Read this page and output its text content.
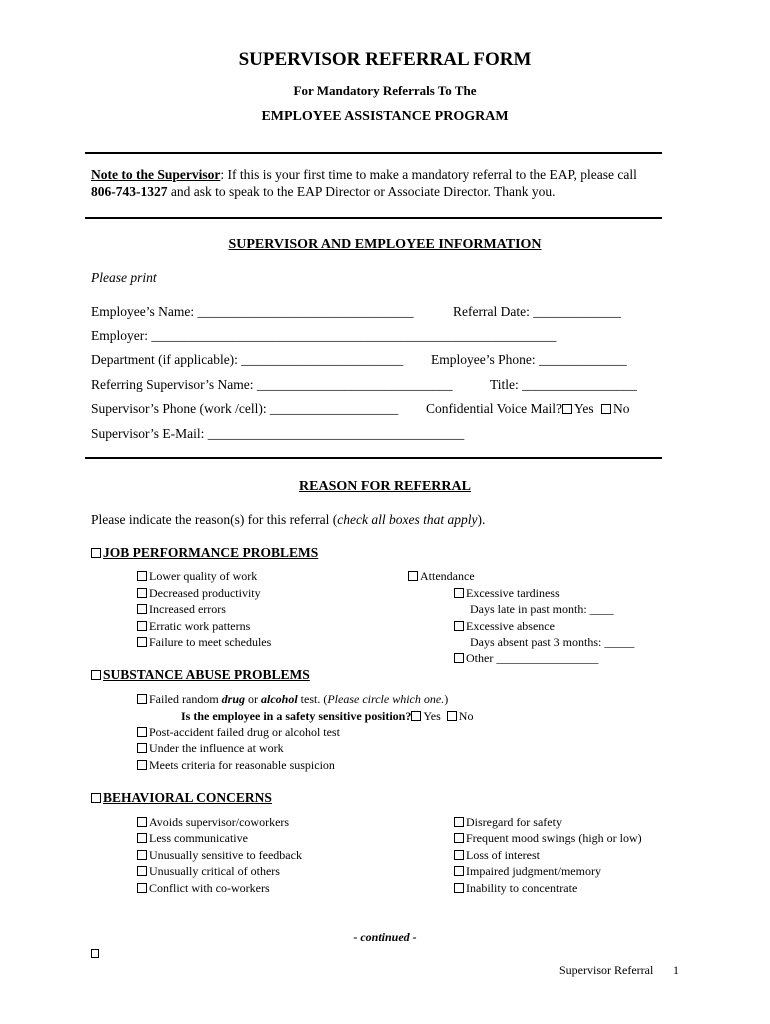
SUPERVISOR REFERRAL FORM
For Mandatory Referrals To The
EMPLOYEE ASSISTANCE PROGRAM
Note to the Supervisor: If this is your first time to make a mandatory referral to the EAP, please call
806-743-1327 and ask to speak to the EAP Director or Associate Director. Thank you.
SUPERVISOR AND EMPLOYEE INFORMATION
Please print
Employee’s Name: ________________________________	Referral Date: _____________
Employer: ____________________________________________________________
Department (if applicable): ________________________ Employee’s Phone: _____________
Referring Supervisor’s Name: _____________________________	Title: _________________
Supervisor’s Phone (work /cell): ___________________ Confidential Voice Mail? Yes No
Supervisor’s E-Mail: ______________________________________
REASON FOR REFERRAL
Please indicate the reason(s) for this referral (check all boxes that apply).
JOB PERFORMANCE PROBLEMS
Lower quality of work
Decreased productivity
Increased errors
Erratic work patterns
Failure to meet schedules
Attendance
Excessive tardiness
Days late in past month: ____
Excessive absence
Days absent past 3 months: _____
Other _________________
SUBSTANCE ABUSE PROBLEMS
Failed random drug or alcohol test. (Please circle which one.)
Is the employee in a safety sensitive position? Yes No
Post-accident failed drug or alcohol test
Under the influence at work
Meets criteria for reasonable suspicion
BEHAVIORAL CONCERNS
Avoids supervisor/coworkers
Less communicative
Unusually sensitive to feedback
Unusually critical of others
Conflict with co-workers
Disregard for safety
Frequent mood swings (high or low)
Loss of interest
Impaired judgment/memory
Inability to concentrate
- continued -
Supervisor Referral 1
